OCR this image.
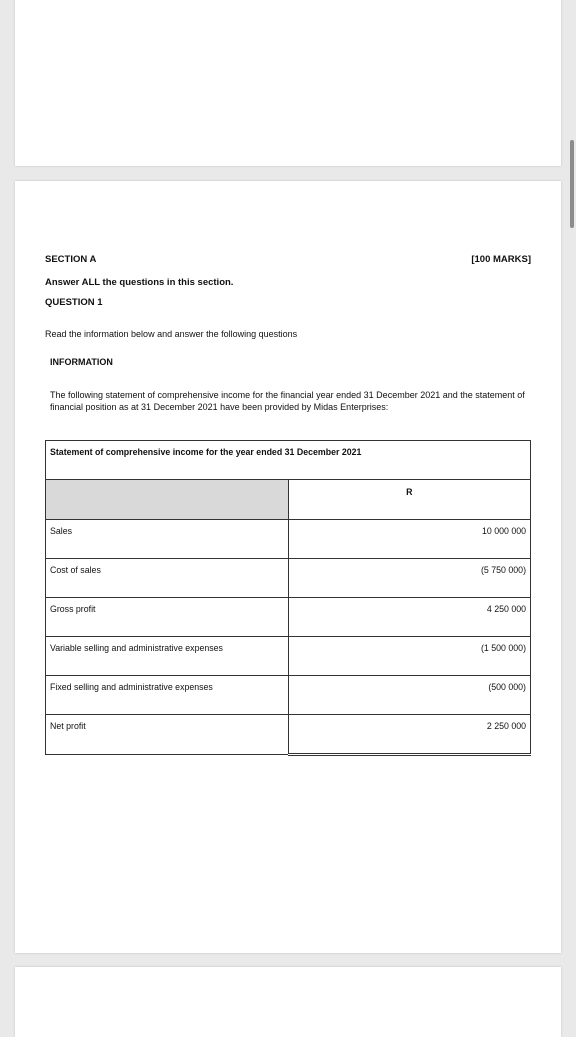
SECTION A	[100 MARKS]
Answer ALL the questions in this section.
QUESTION 1
Read the information below and answer the following questions
INFORMATION
The following statement of comprehensive income for the financial year ended 31 December 2021 and the statement of financial position as at 31 December 2021 have been provided by Midas Enterprises:
Statement of comprehensive income for the year ended 31 December 2021	
	R
Sales	10 000 000
Cost of sales	(5 750 000)
Gross profit	4 250 000
Variable selling and administrative expenses	(1 500 000)
Fixed selling and administrative expenses	(500 000)
Net profit	2 250 000
